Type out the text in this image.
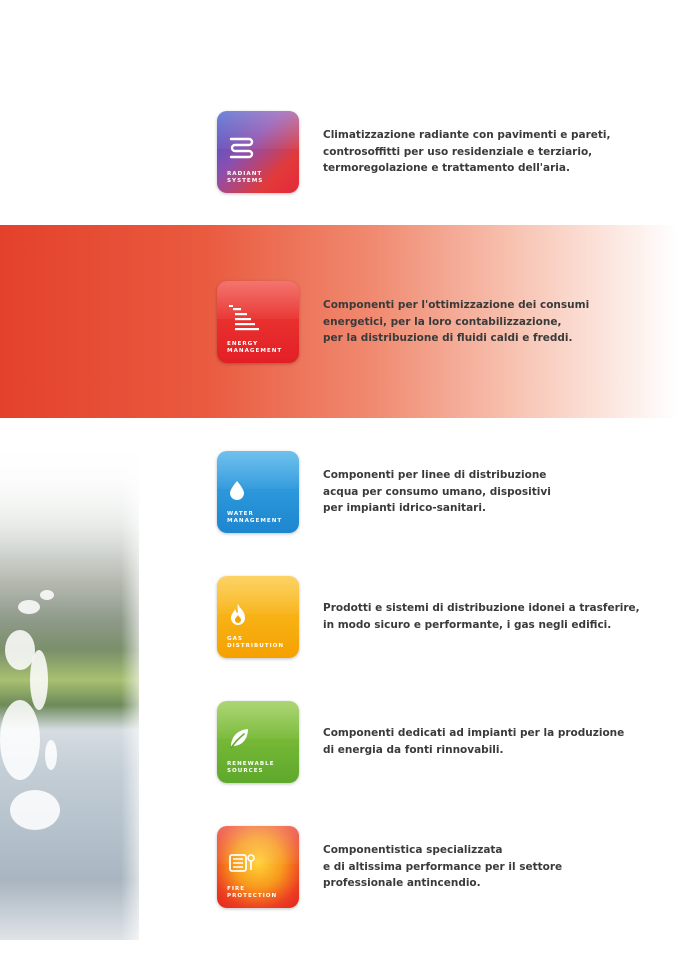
RADIANT
SYSTEMS
Climatizzazione radiante con pavimenti e pareti,
controsoffitti per uso residenziale e terziario,
termoregolazione e trattamento dell'aria.
ENERGY
MANAGEMENT
Componenti per l'ottimizzazione dei consumi
energetici, per la loro contabilizzazione,
per la distribuzione di fluidi caldi e freddi.
WATER
MANAGEMENT
Componenti per linee di distribuzione
acqua per consumo umano, dispositivi
per impianti idrico-sanitari.
GAS
DISTRIBUTION
Prodotti e sistemi di distribuzione idonei a trasferire,
in modo sicuro e performante, i gas negli edifici.
RENEWABLE
SOURCES
Componenti dedicati ad impianti per la produzione
di energia da fonti rinnovabili.
FIRE
PROTECTION
Componentistica specializzata
e di altissima performance per il settore
professionale antincendio.
